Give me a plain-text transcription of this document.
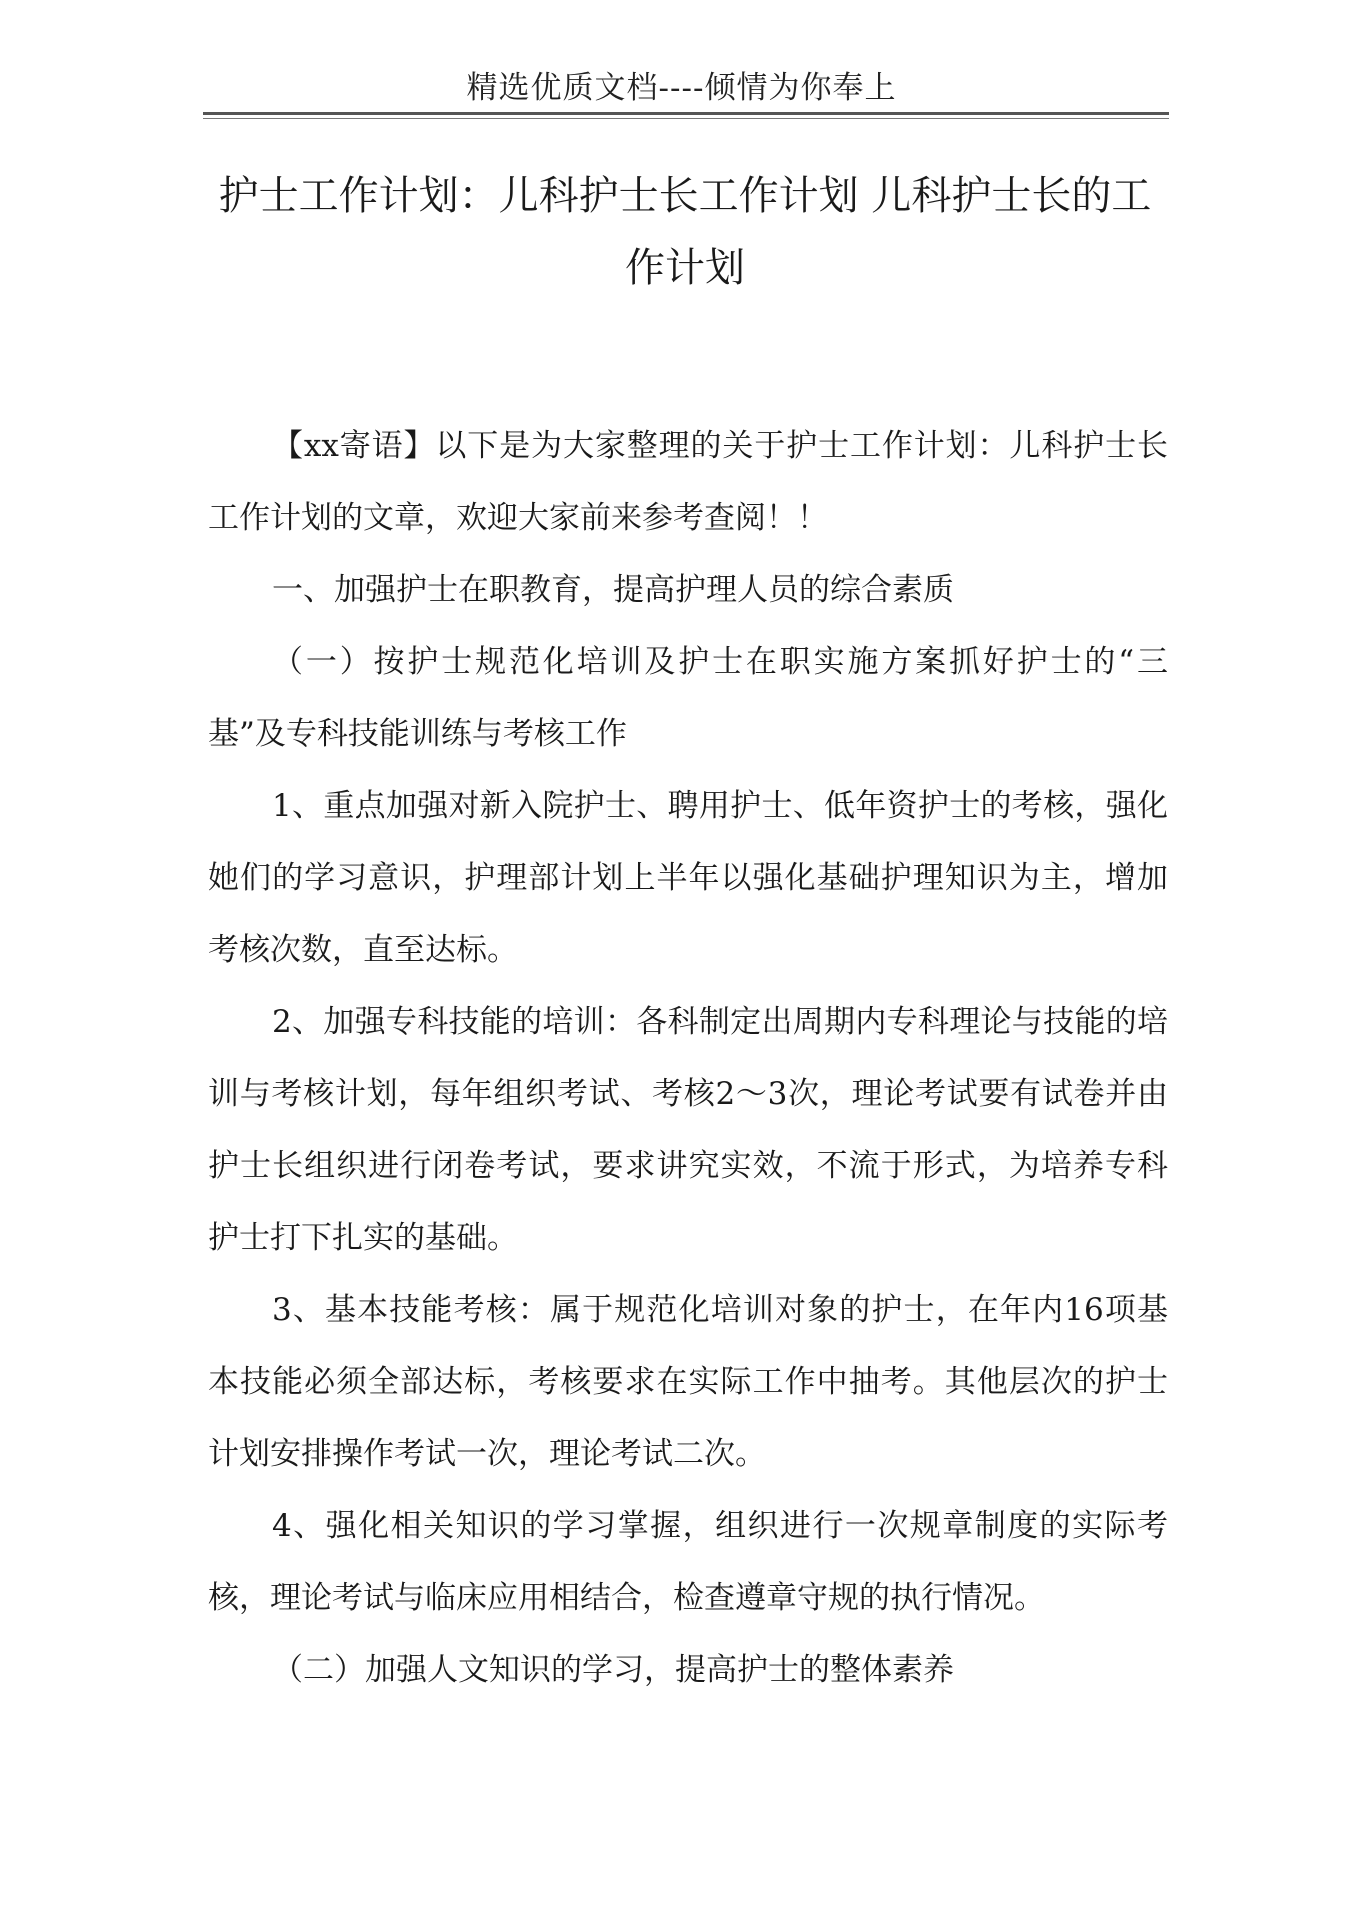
精选优质文档----倾情为你奉上
护士工作计划：儿科护士长工作计划 儿科护士长的工作计划

【xx寄语】以下是为大家整理的关于护士工作计划：儿科护士长工作计划的文章，欢迎大家前来参考查阅！！

一、加强护士在职教育，提高护理人员的综合素质

（一）按护士规范化培训及护士在职实施方案抓好护士的“三基”及专科技能训练与考核工作

1、重点加强对新入院护士、聘用护士、低年资护士的考核，强化她们的学习意识，护理部计划上半年以强化基础护理知识为主，增加考核次数，直至达标。

2、加强专科技能的培训：各科制定出周期内专科理论与技能的培训与考核计划，每年组织考试、考核2～3次，理论考试要有试卷并由护士长组织进行闭卷考试，要求讲究实效，不流于形式，为培养专科护士打下扎实的基础。

3、基本技能考核：属于规范化培训对象的护士，在年内16项基本技能必须全部达标，考核要求在实际工作中抽考。其他层次的护士计划安排操作考试一次，理论考试二次。

4、强化相关知识的学习掌握，组织进行一次规章制度的实际考核，理论考试与临床应用相结合，检查遵章守规的执行情况。

（二）加强人文知识的学习，提高护士的整体素养
